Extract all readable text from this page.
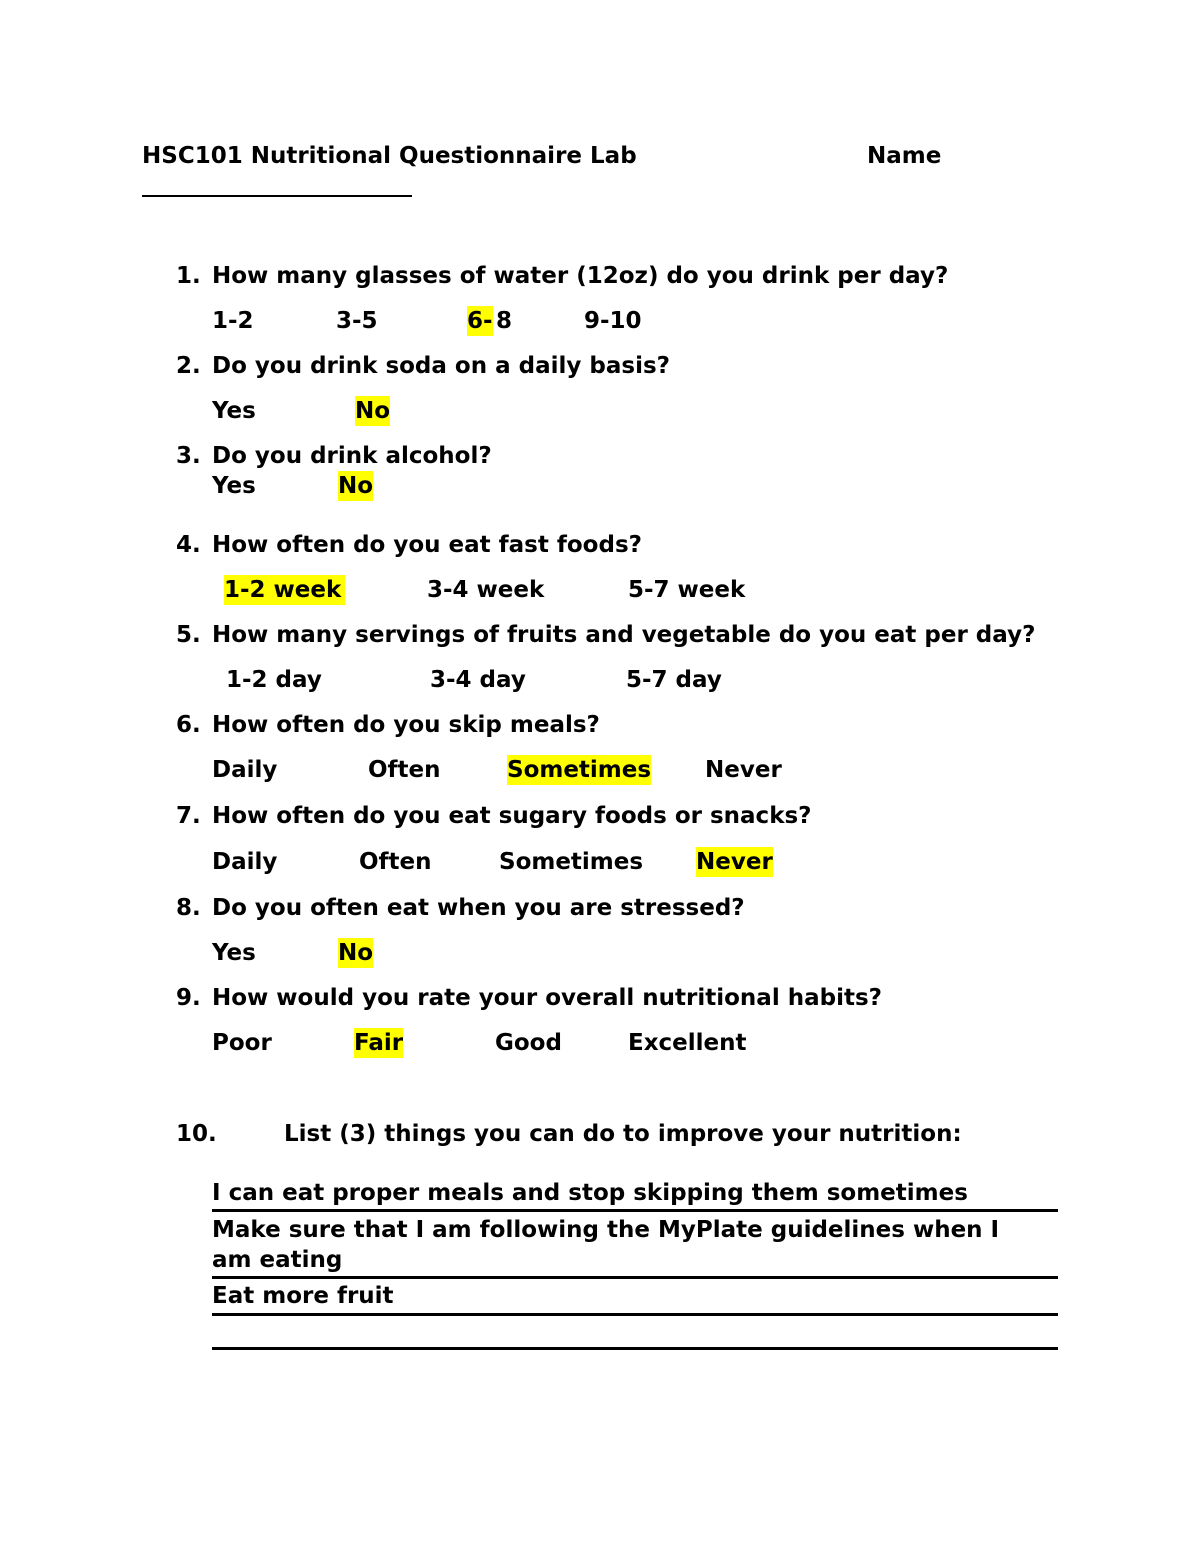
HSC101 Nutritional Questionnaire Lab	Name
1. How many glasses of water (12oz) do you drink per day?
1-2	3-5	6- 8	9-10
2. Do you drink soda on a daily basis?
Yes	No
3. Do you drink alcohol?
Yes	No
4. How often do you eat fast foods?
1-2 week	3-4 week	5-7 week
5. How many servings of fruits and vegetable do you eat per day?
1-2 day	3-4 day	5-7 day
6. How often do you skip meals?
Daily	Often	Sometimes Never
7. How often do you eat sugary foods or snacks?
Daily	Often	Sometimes Never
8. Do you often eat when you are stressed?
Yes	No
9. How would you rate your overall nutritional habits?
Poor	Fair	Good	Excellent
10.	List (3) things you can do to improve your nutrition:
I can eat proper meals and stop skipping them sometimes
Make sure that I am following the MyPlate guidelines when I
am eating
Eat more fruit
